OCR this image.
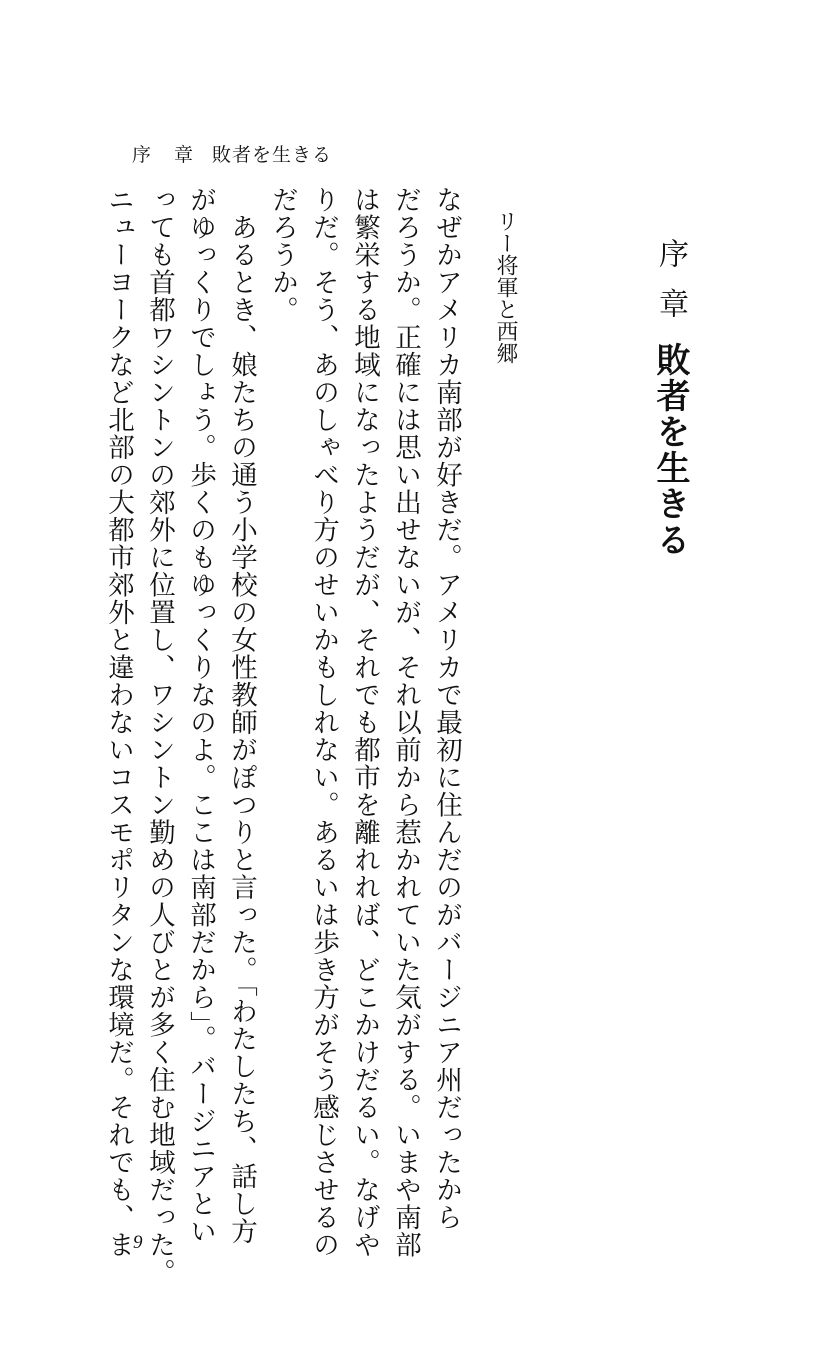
序 章 敗者を生きる
序章
敗者を生きる
リー将軍と西郷

なぜかアメリカ南部が好きだ。アメリカで最初に住んだのがバージニア州だったから

だろうか。正確には思い出せないが、それ以前から惹かれていた気がする。いまや南部

は繁栄する地域になったようだが、それでも都市を離れれば、どこかけだるい。なげや

りだ。そう、あのしゃべり方のせいかもしれない。あるいは歩き方がそう感じさせるの

だろうか。

　あるとき、娘たちの通う小学校の女性教師がぽつりと言った。「わたしたち、話し方

がゆっくりでしょう。歩くのもゆっくりなのよ。ここは南部だから」。バージニアとい

っても首都ワシントンの郊外に位置し、ワシントン勤めの人びとが多く住む地域だった。

ニューヨークなど北部の大都市郊外と違わないコスモポリタンな環境だ。それでも、ま 9
